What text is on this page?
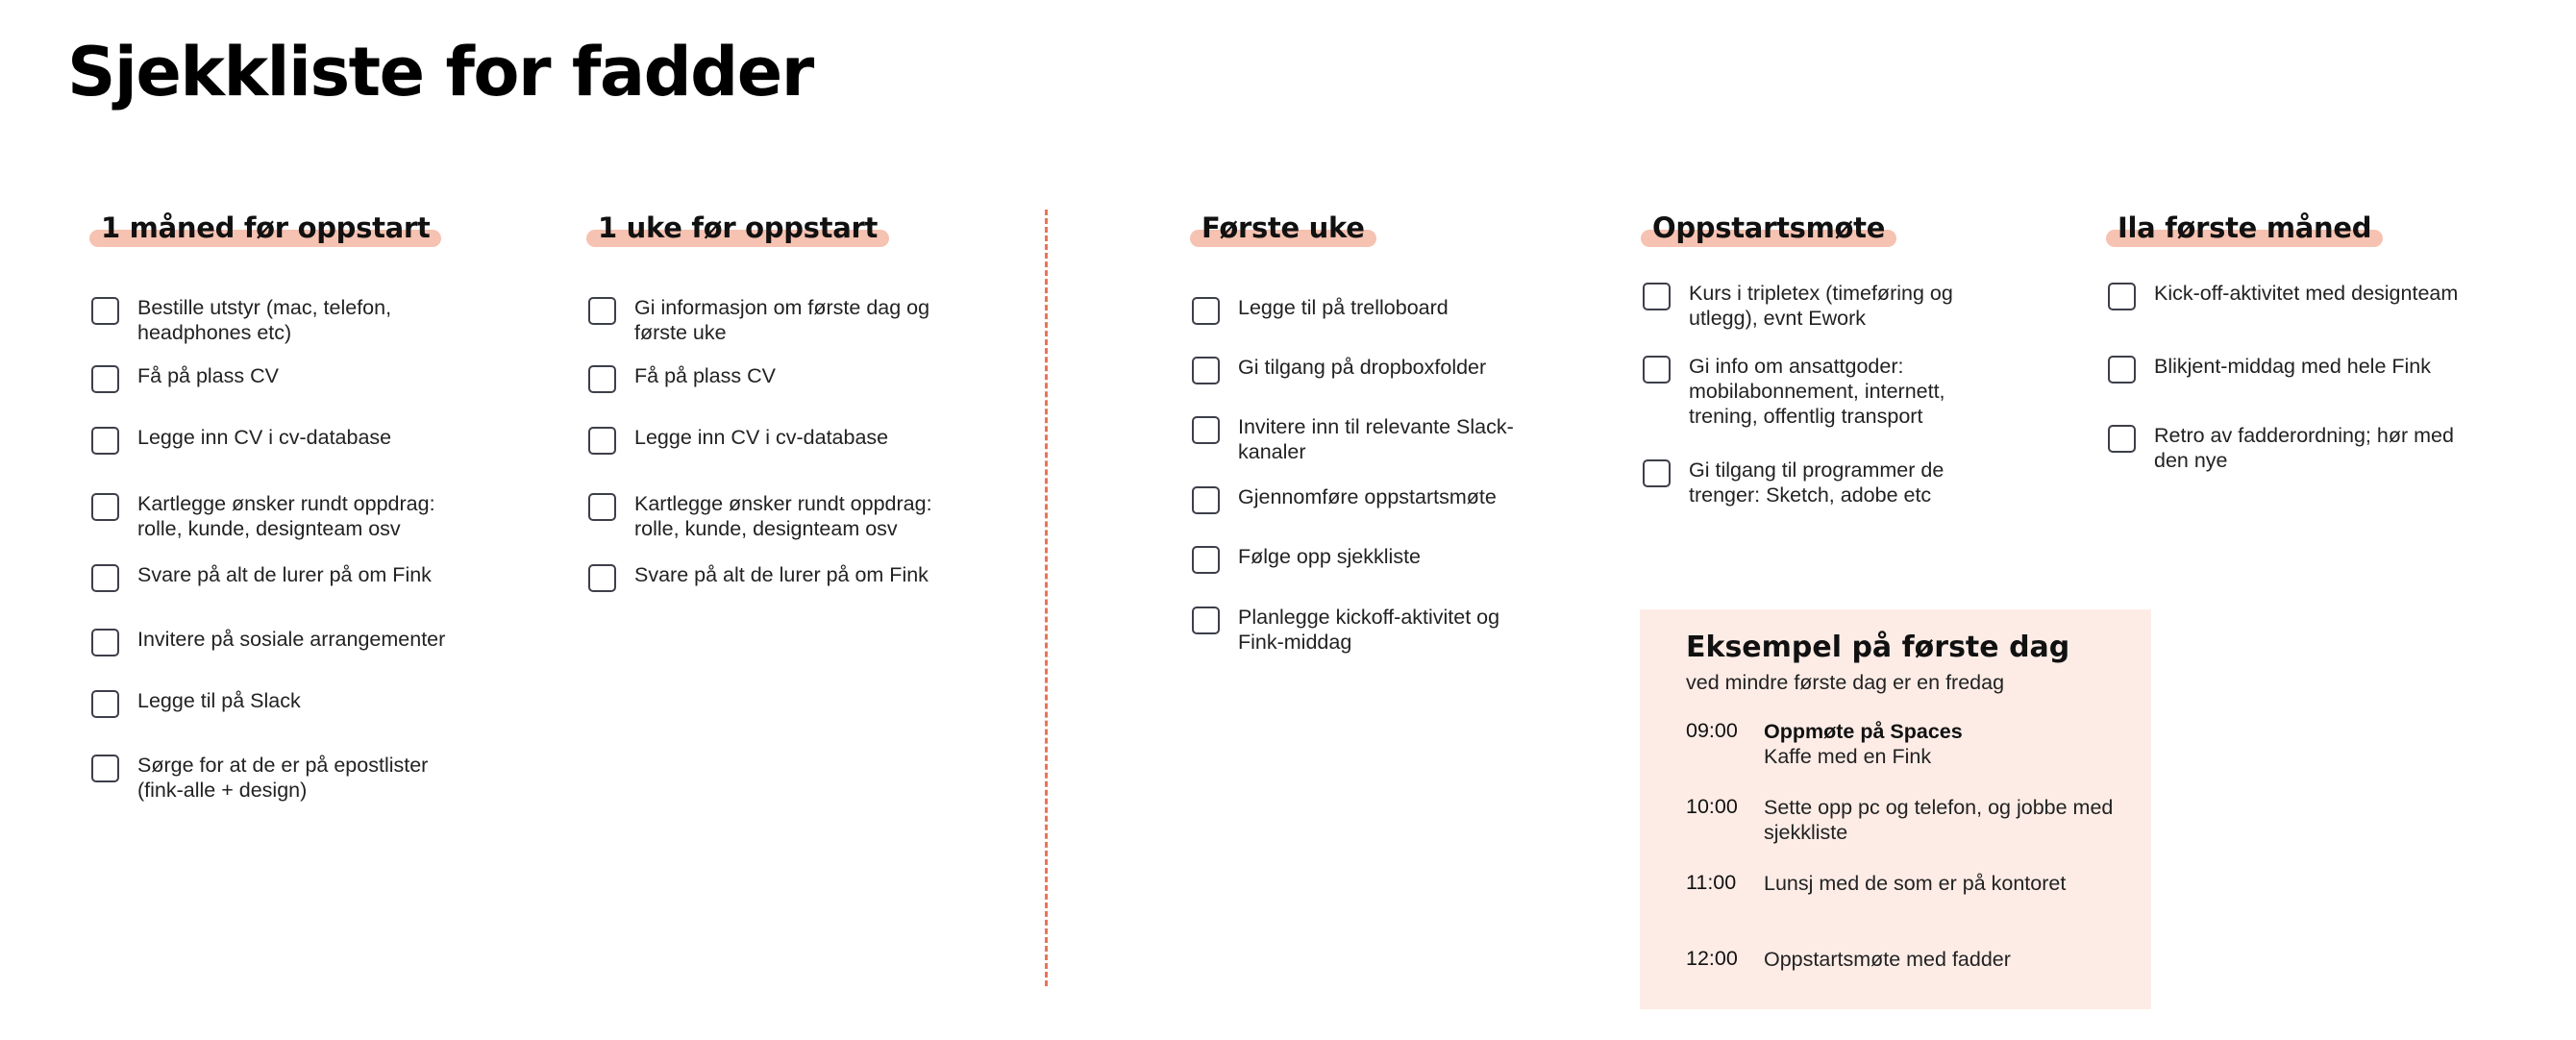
Sjekkliste for fadder
1 måned før oppstart
Bestille utstyr (mac, telefon, headphones etc)
Få på plass CV
Legge inn CV i cv-database
Kartlegge ønsker rundt oppdrag: rolle, kunde, designteam osv
Svare på alt de lurer på om Fink
Invitere på sosiale arrangementer
Legge til på Slack
Sørge for at de er på epostlister (fink-alle + design)
1 uke før oppstart
Gi informasjon om første dag og første uke
Få på plass CV
Legge inn CV i cv-database
Kartlegge ønsker rundt oppdrag: rolle, kunde, designteam osv
Svare på alt de lurer på om Fink
Første uke
Legge til på trelloboard
Gi tilgang på dropboxfolder
Invitere inn til relevante Slack-kanaler
Gjennomføre oppstartsmøte
Følge opp sjekkliste
Planlegge kickoff-aktivitet og Fink-middag
Oppstartsmøte
Kurs i tripletex (timeføring og utlegg), evnt Ework
Gi info om ansattgoder: mobilabonnement, internett, trening, offentlig transport
Gi tilgang til programmer de trenger: Sketch, adobe etc
Ila første måned
Kick-off-aktivitet med designteam
Blikjent-middag med hele Fink
Retro av fadderordning; hør med den nye
Eksempel på første dag
ved mindre første dag er en fredag
09:00	Oppmøte på Spaces
Kaffe med en Fink
10:00	Sette opp pc og telefon, og jobbe med sjekkliste
11:00	Lunsj med de som er på kontoret
12:00	Oppstartsmøte med fadder
